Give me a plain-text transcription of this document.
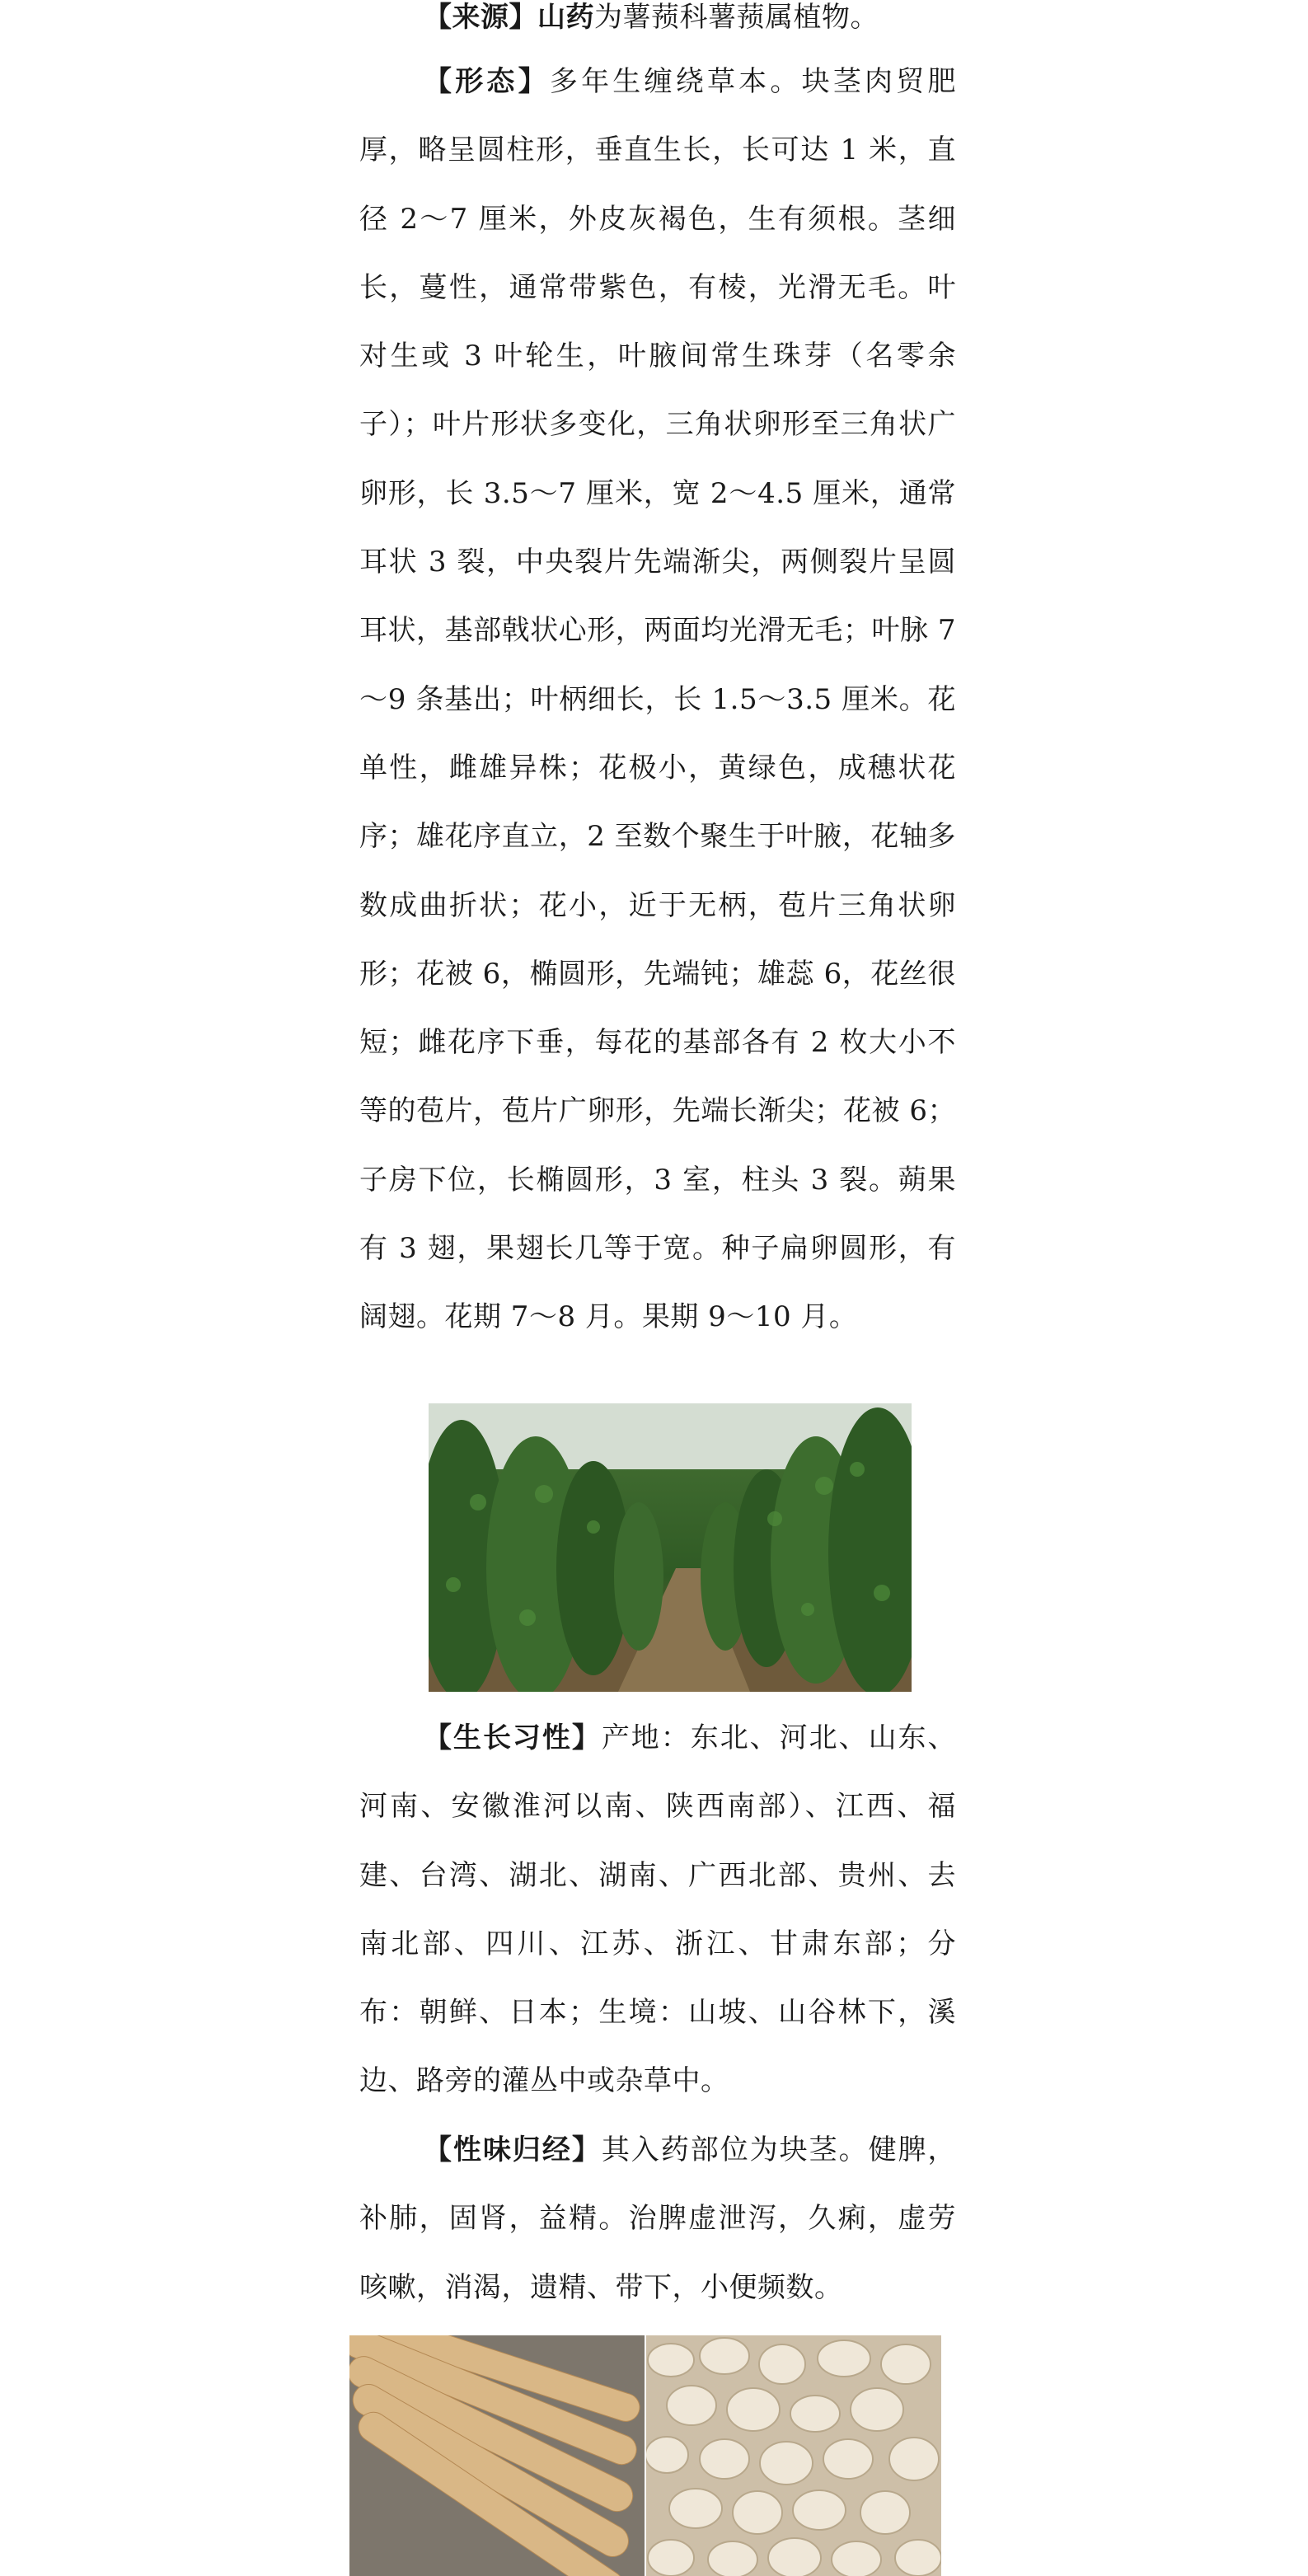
【来源】山药为薯蓣科薯蓣属植物。

【形态】多年生缠绕草本。块茎肉贸肥厚，略呈圆柱形，垂直生长，长可达 1 米，直径 2～7 厘米，外皮灰褐色，生有须根。茎细长，蔓性，通常带紫色，有棱，光滑无毛。叶对生或 3 叶轮生，叶腋间常生珠芽（名零余子）；叶片形状多变化，三角状卵形至三角状广卵形，长 3.5～7 厘米，宽 2～4.5 厘米，通常耳状 3 裂，中央裂片先端渐尖，两侧裂片呈圆耳状，基部戟状心形，两面均光滑无毛；叶脉 7～9 条基出；叶柄细长，长 1.5～3.5 厘米。花单性，雌雄异株；花极小，黄绿色，成穗状花序；雄花序直立，2 至数个聚生于叶腋，花轴多数成曲折状；花小，近于无柄，苞片三角状卵形；花被 6，椭圆形，先端钝；雄蕊 6，花丝很短；雌花序下垂，每花的基部各有 2 枚大小不等的苞片，苞片广卵形，先端长渐尖；花被 6；子房下位，长椭圆形，3 室，柱头 3 裂。蒴果有 3 翅，果翅长几等于宽。种子扁卵圆形，有阔翅。花期 7～8 月。果期 9～10 月。

【生长习性】产地：东北、河北、山东、河南、安徽淮河以南、陕西南部）、江西、福建、台湾、湖北、湖南、广西北部、贵州、去南北部、四川、江苏、浙江、甘肃东部；分布：朝鲜、日本；生境：山坡、山谷林下，溪边、路旁的灌丛中或杂草中。

【性味归经】其入药部位为块茎。健脾，补肺，固肾，益精。治脾虚泄泻，久痢，虚劳咳嗽，消渴，遗精、带下，小便频数。
